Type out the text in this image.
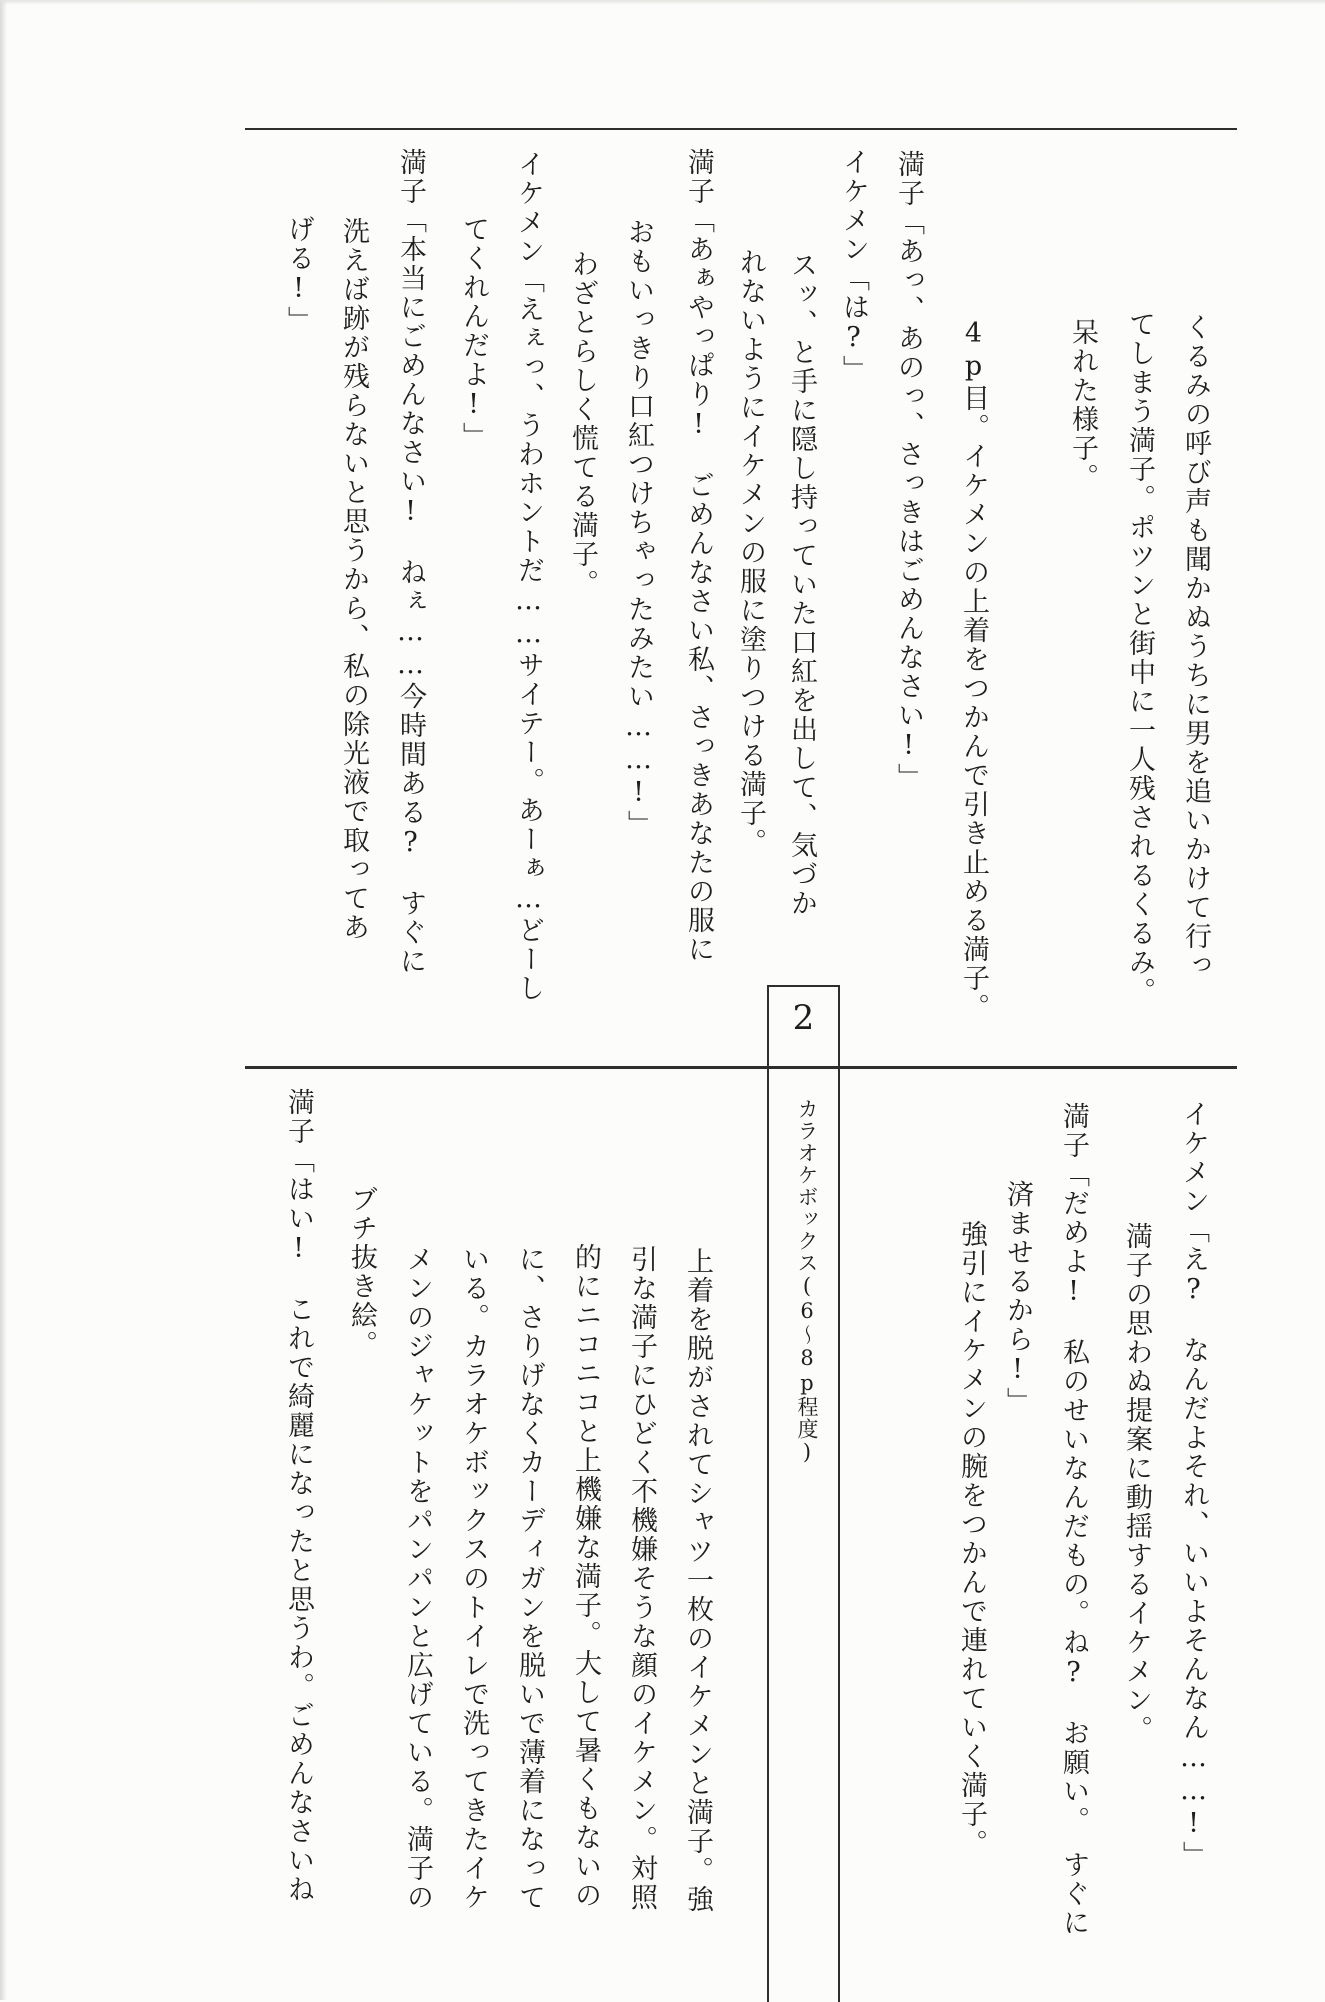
2
くるみの呼び声も聞かぬうちに男を追いかけて行っ
てしまう満子。ポツンと街中に一人残されるくるみ。
呆れた様子。
4p目。イケメンの上着をつかんで引き止める満子。
満子「あっ、あのっ、さっきはごめんなさい!」
イケメン「は?」
スッ、と手に隠し持っていた口紅を出して、気づか
れないようにイケメンの服に塗りつける満子。
満子「あぁやっぱり!　ごめんなさい私、さっきあなたの服に
おもいっきり口紅つけちゃったみたい……!」
わざとらしく慌てる満子。
イケメン「えぇっ、うわホントだ……サイテー。あーぁ…どーし
てくれんだよ!」
満子「本当にごめんなさい!　ねぇ……今時間ある?　すぐに
洗えば跡が残らないと思うから、私の除光液で取ってあ
げる!」
イケメン「え?　なんだよそれ、いいよそんなん……!」
満子の思わぬ提案に動揺するイケメン。
満子「だめよ!　私のせいなんだもの。ね?　お願い。　すぐに
済ませるから!」
強引にイケメンの腕をつかんで連れていく満子。
カラオケボックス(6〜8p程度)
上着を脱がされてシャツ一枚のイケメンと満子。強
引な満子にひどく不機嫌そうな顔のイケメン。対照
的にニコニコと上機嫌な満子。大して暑くもないの
に、さりげなくカーディガンを脱いで薄着になって
いる。カラオケボックスのトイレで洗ってきたイケ
メンのジャケットをパンパンと広げている。満子の
ブチ抜き絵。
満子「はい!　これで綺麗になったと思うわ。ごめんなさいね
